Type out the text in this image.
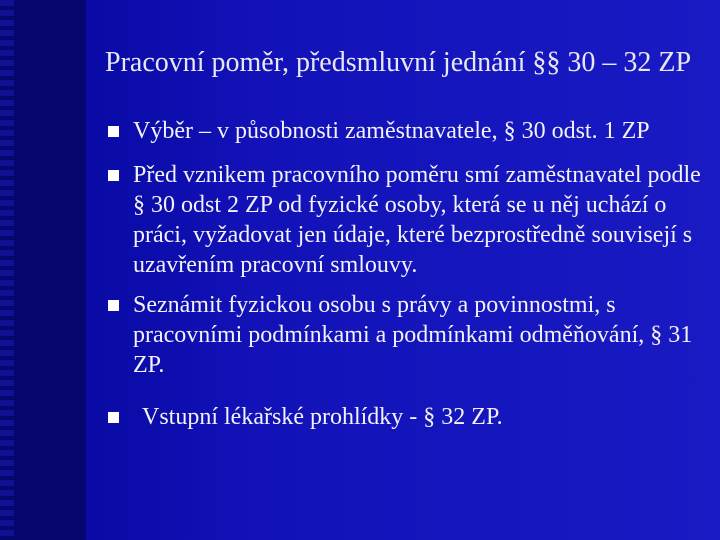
Pracovní poměr, předsmluvní jednání §§ 30 – 32 ZP
Výběr – v působnosti zaměstnavatele, § 30 odst. 1 ZP
Před vznikem pracovního poměru smí zaměstnavatel podle § 30 odst 2 ZP od fyzické osoby, která se u něj uchází o práci, vyžadovat jen údaje, které bezprostředně souvisejí s uzavřením pracovní smlouvy.
Seznámit fyzickou osobu s právy a povinnostmi, s pracovními podmínkami a podmínkami odměňování, § 31 ZP.
Vstupní lékařské prohlídky - § 32 ZP.
